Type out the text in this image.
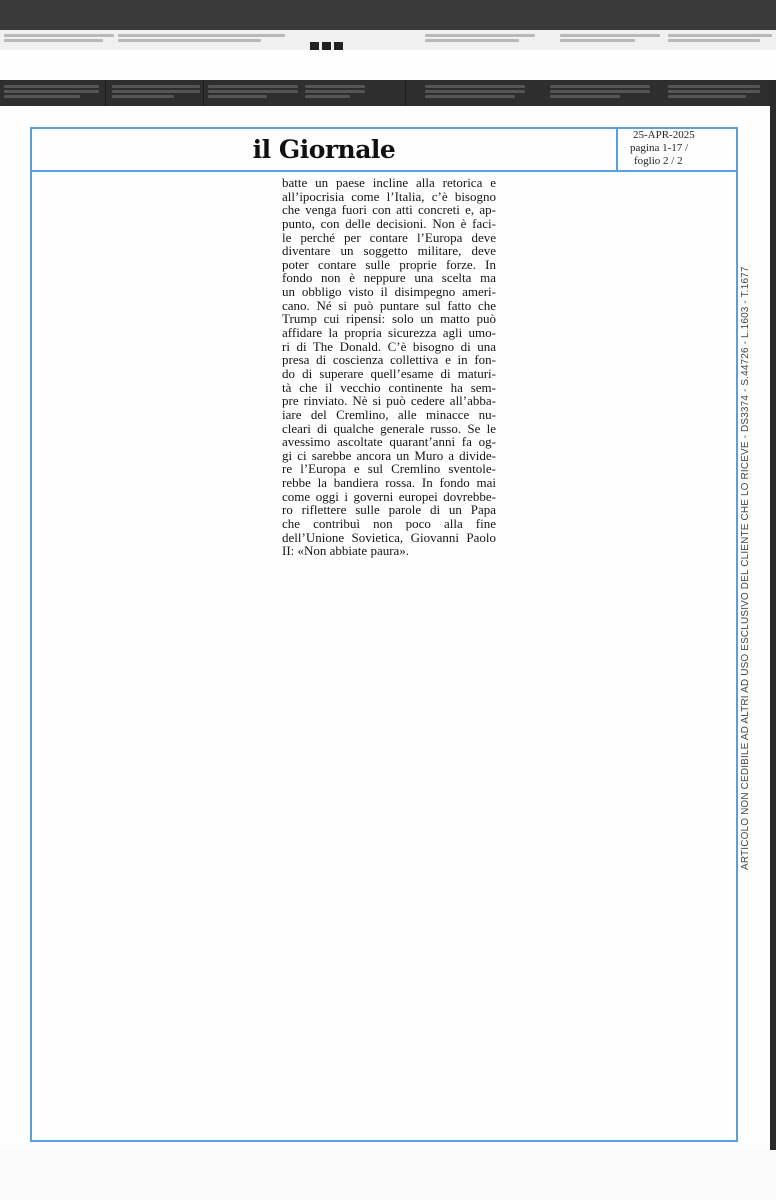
il Giornale	25-APR-2025
pagina 1-17 /
foglio 2 / 2
batte un paese incline alla retorica e
all’ipocrisia come l’Italia, c’è bisogno
che venga fuori con atti concreti e, ap-
punto, con delle decisioni. Non è faci-
le perché per contare l’Europa deve
diventare un soggetto militare, deve
poter contare sulle proprie forze. In
fondo non è neppure una scelta ma
un obbligo visto il disimpegno ameri-
cano. Né si può puntare sul fatto che
Trump cui ripensi: solo un matto può
affidare la propria sicurezza agli umo-
ri di The Donald. C’è bisogno di una
presa di coscienza collettiva e in fon-
do di superare quell’esame di maturi-
tà che il vecchio continente ha sem-
pre rinviato. Nè si può cedere all’abba-
iare del Cremlino, alle minacce nu-
cleari di qualche generale russo. Se le
avessimo ascoltate quarant’anni fa og-
gi ci sarebbe ancora un Muro a divide-
re l’Europa e sul Cremlino sventole-
rebbe la bandiera rossa. In fondo mai
come oggi i governi europei dovrebbe-
ro riflettere sulle parole di un Papa
che contribuì non poco alla fine
dell’Unione Sovietica, Giovanni Paolo
II: «Non abbiate paura».	ARTICOLO NON CEDIBILE AD ALTRI AD USO ESCLUSIVO DEL CLIENTE CHE LO RICEVE - DS3374 - S.44726 - L.1603 - T.1677
